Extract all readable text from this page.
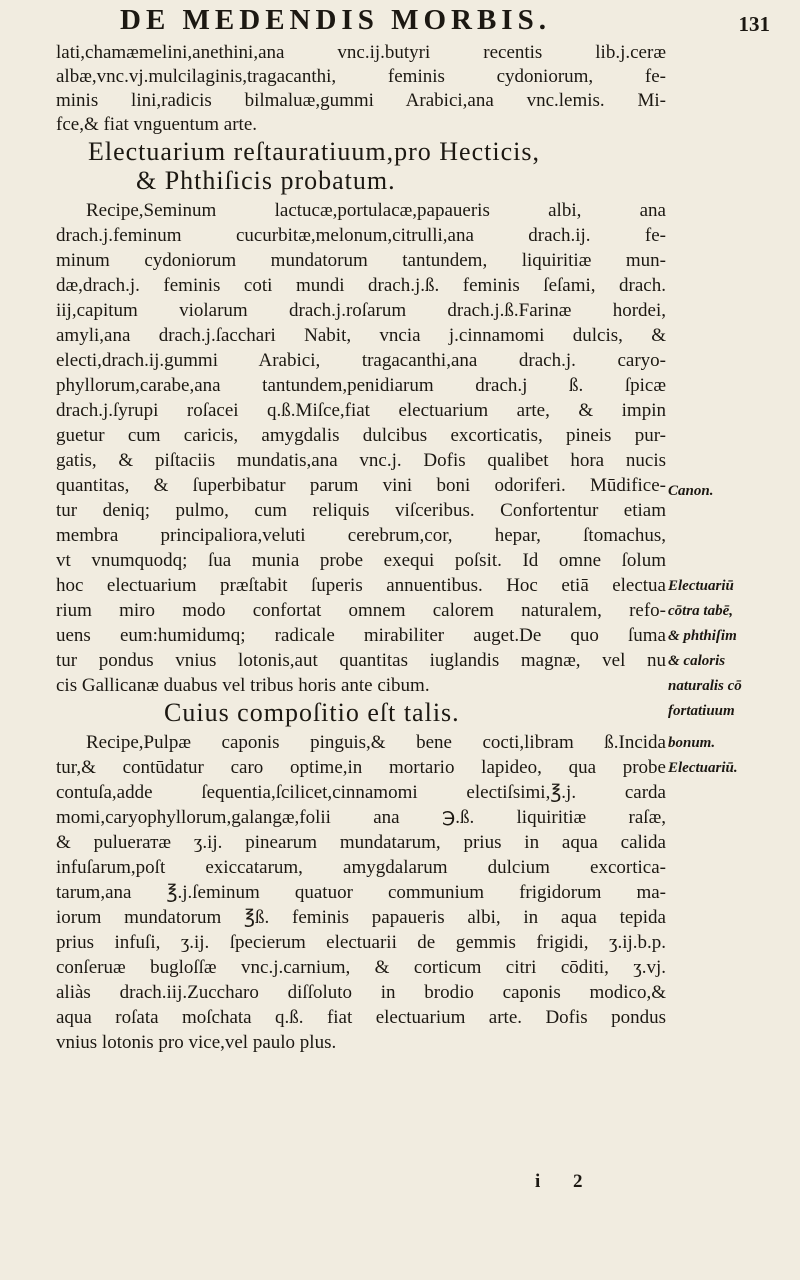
DE MEDENDIS MORBIS.	131
lati,chamæmelini,anethini,ana vnc.ij.butyri recentis lib.j.ceræ
albæ,vnc.vj.mulcilaginis,tragacanthi, feminis cydoniorum, fe-
minis lini,radicis bilmaluæ,gummi Arabici,ana vnc.lemis. Mi-
fce,& fiat vnguentum arte.
Electuarium reſtauratiuum,pro Hecticis,
& Phthiſicis probatum.
Recipe,Seminum lactucæ,portulacæ,papaueris albi, ana
drach.j.feminum cucurbitæ,melonum,citrulli,ana drach.ij. fe-
minum cydoniorum mundatorum tantundem, liquiritiæ mun-
dæ,drach.j. feminis coti mundi drach.j.ß. feminis ſeſami, drach.
iij,capitum violarum drach.j.roſarum drach.j.ß.Farinæ hordei,
amyli,ana drach.j.ſacchari Nabit, vncia j.cinnamomi dulcis, &
electi,drach.ij.gummi Arabici, tragacanthi,ana drach.j. caryo-
phyllorum,carabe,ana tantundem,penidiarum drach.j ß. ſpicæ
drach.j.ſyrupi roſacei q.ß.Miſce,fiat electuarium arte, & impin
guetur cum caricis, amygdalis dulcibus excorticatis, pineis pur-
gatis, & piſtaciis mundatis,ana vnc.j. Dofis qualibet hora nucis
quantitas, & ſuperbibatur parum vini boni odoriferi. Mūdifice-
tur deniq; pulmo, cum reliquis viſceribus. Confortentur etiam
membra principaliora,veluti cerebrum,cor, hepar, ſtomachus,
vt vnumquodq; ſua munia probe exequi poſsit. Id omne ſolum
hoc electuarium præſtabit ſuperis annuentibus. Hoc etiā electua
rium miro modo confortat omnem calorem naturalem, refo-
uens eum:humidumq; radicale mirabiliter auget.De quo ſuma
tur pondus vnius lotonis,aut quantitas iuglandis magnæ, vel nu
cis Gallicanæ duabus vel tribus horis ante cibum.
Cuius compoſitio eſt talis.
Recipe,Pulpæ caponis pinguis,& bene cocti,libram ß.Incida
tur,& contūdatur caro optime,in mortario lapideo, qua probe
contuſa,adde ſequentia,ſcilicet,cinnamomi electiſsimi,℥.j. carda
momi,caryophyllorum,galangæ,folii ana ℈.ß. liquiritiæ raſæ,
& puluerатæ ʒ.ij. pinearum mundatarum, prius in aqua calida
infuſarum,poſt exiccatarum, amygdalarum dulcium excortica-
tarum,ana ℥.j.ſeminum quatuor communium frigidorum ma-
iorum mundatorum ℥ß. feminis papaueris albi, in aqua tepida
prius infuſi, ʒ.ij. ſpecierum electuarii de gemmis frigidi, ʒ.ij.b.p.
conſeruæ bugloſſæ vnc.j.carnium, & corticum citri cōditi, ʒ.vj.
aliàs drach.iij.Zuccharo diſſoluto in brodio caponis modico,&
aqua roſata moſchata q.ß. fiat electuarium arte. Dofis pondus
vnius lotonis pro vice,vel paulo plus.
Canon.
Electuariū
cōtra tabē,
& phthiſim
& caloris
naturalis cō
fortatiuum
bonum.
Electuariū.
i 2
